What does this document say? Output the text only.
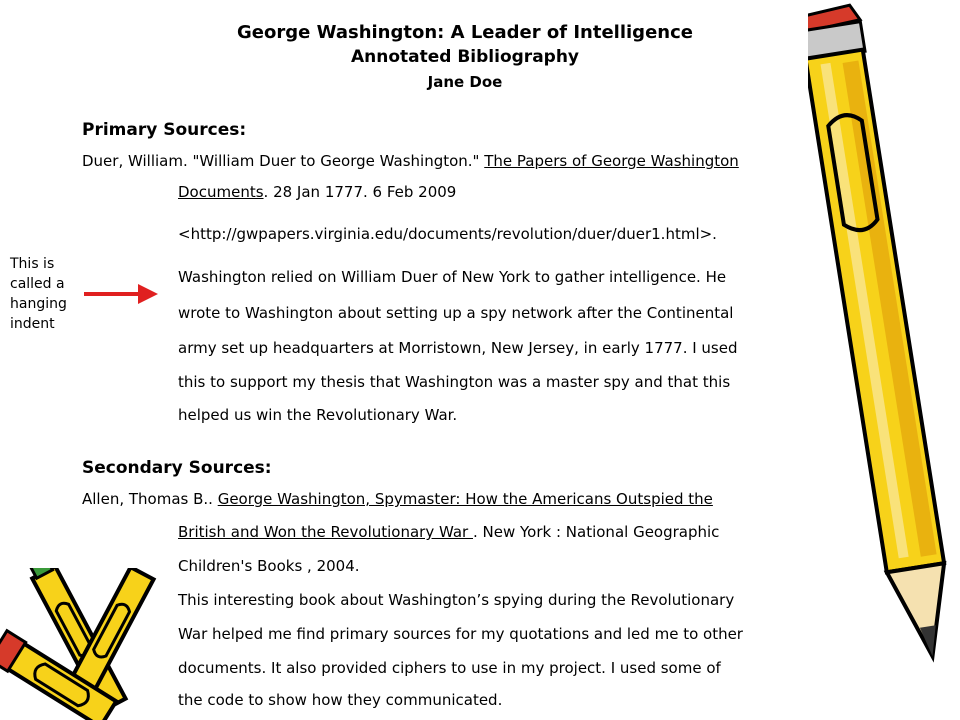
George Washington: A Leader of Intelligence
Annotated Bibliography
Jane Doe
Primary Sources:
Duer, William. "William Duer to George Washington." The Papers of George Washington
Documents. 28 Jan 1777. 6 Feb 2009
<http://gwpapers.virginia.edu/documents/revolution/duer/duer1.html>.
Washington relied on William Duer of New York to gather intelligence. He
wrote to Washington about setting up a spy network after the Continental
army set up headquarters at Morristown, New Jersey, in early 1777. I used
this to support my thesis that Washington was a master spy and that this
helped us win the Revolutionary War.
Secondary Sources:
Allen, Thomas B.. George Washington, Spymaster: How the Americans Outspied the
British and Won the Revolutionary War . New York : National Geographic
Children's Books , 2004.
This interesting book about Washington’s spying during the Revolutionary
War helped me find primary sources for my quotations and led me to other
documents. It also provided ciphers to use in my project. I used some of
the code to show how they communicated.
This is called a hanging indent
